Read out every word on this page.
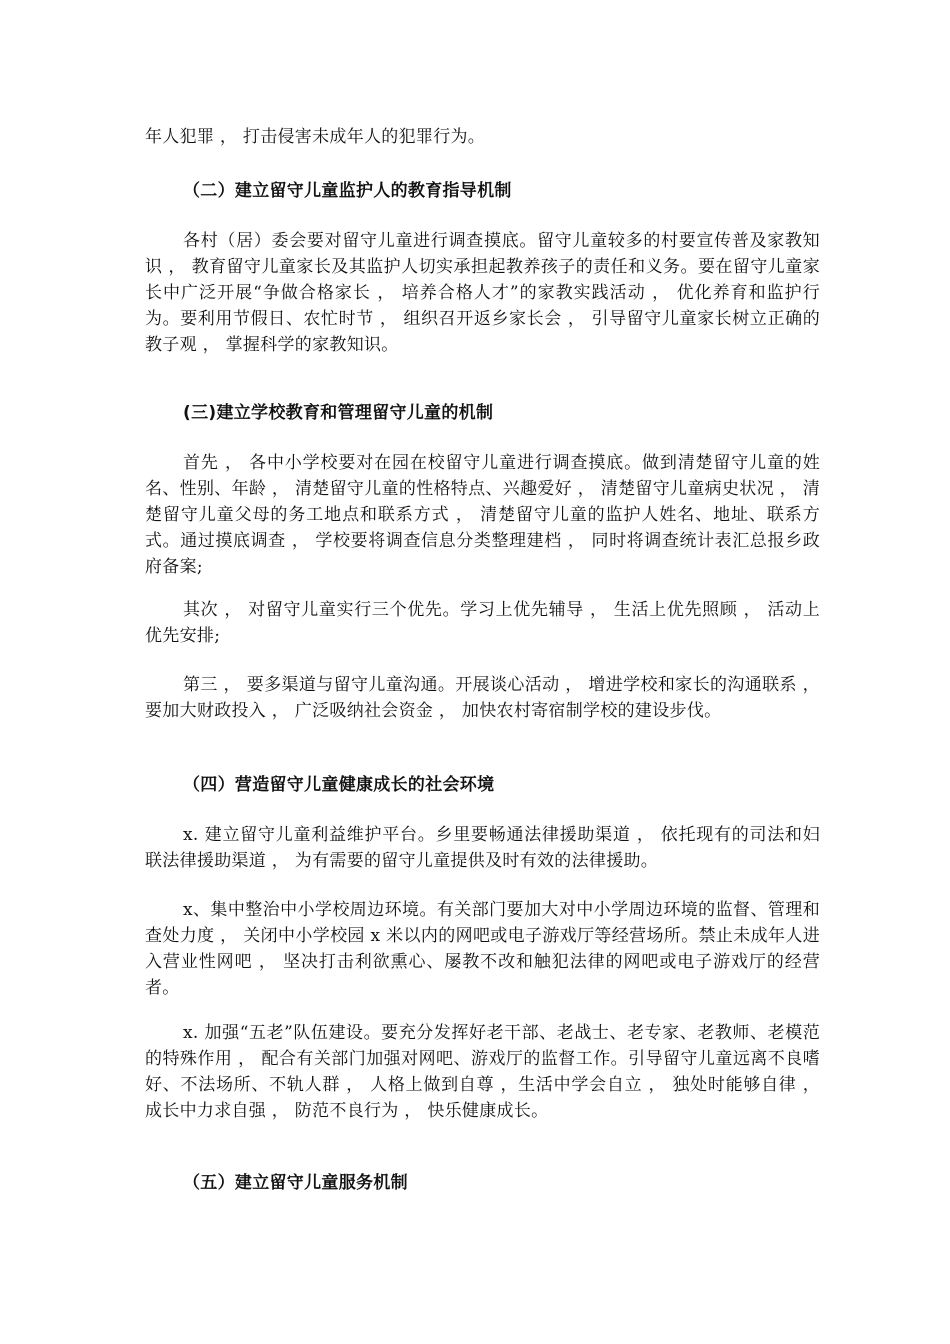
年人犯罪 ， 打击侵害未成年人的犯罪行为。

（二）建立留守儿童监护人的教育指导机制

各村（居）委会要对留守儿童进行调查摸底。留守儿童较多的村要宣传普及家教知识 ， 教育留守儿童家长及其监护人切实承担起教养孩子的责任和义务。要在留守儿童家长中广泛开展“争做合格家长 ， 培养合格人才”的家教实践活动 ， 优化养育和监护行为。要利用节假日、农忙时节 ， 组织召开返乡家长会 ， 引导留守儿童家长树立正确的教子观 ， 掌握科学的家教知识。

(三)建立学校教育和管理留守儿童的机制

首先 ， 各中小学校要对在园在校留守儿童进行调查摸底。做到清楚留守儿童的姓名、性别、年龄 ， 清楚留守儿童的性格特点、兴趣爱好 ， 清楚留守儿童病史状况 ， 清楚留守儿童父母的务工地点和联系方式 ， 清楚留守儿童的监护人姓名、地址、联系方式。通过摸底调查 ， 学校要将调查信息分类整理建档 ， 同时将调查统计表汇总报乡政府备案;

其次 ， 对留守儿童实行三个优先。学习上优先辅导 ， 生活上优先照顾 ， 活动上优先安排;

第三 ， 要多渠道与留守儿童沟通。开展谈心活动 ， 增进学校和家长的沟通联系 ， 要加大财政投入 ， 广泛吸纳社会资金 ， 加快农村寄宿制学校的建设步伐。

（四）营造留守儿童健康成长的社会环境

x. 建立留守儿童利益维护平台。乡里要畅通法律援助渠道 ， 依托现有的司法和妇联法律援助渠道 ， 为有需要的留守儿童提供及时有效的法律援助。

x、集中整治中小学校周边环境。有关部门要加大对中小学周边环境的监督、管理和查处力度 ， 关闭中小学校园 x 米以内的网吧或电子游戏厅等经营场所。禁止未成年人进入营业性网吧 ， 坚决打击利欲熏心、屡教不改和触犯法律的网吧或电子游戏厅的经营者。

x. 加强“五老”队伍建设。要充分发挥好老干部、老战士、老专家、老教师、老模范的特殊作用 ， 配合有关部门加强对网吧、游戏厅的监督工作。引导留守儿童远离不良嗜好、不法场所、不轨人群 ， 人格上做到自尊 ，生活中学会自立 ， 独处时能够自律 ， 成长中力求自强 ， 防范不良行为 ， 快乐健康成长。

（五）建立留守儿童服务机制
